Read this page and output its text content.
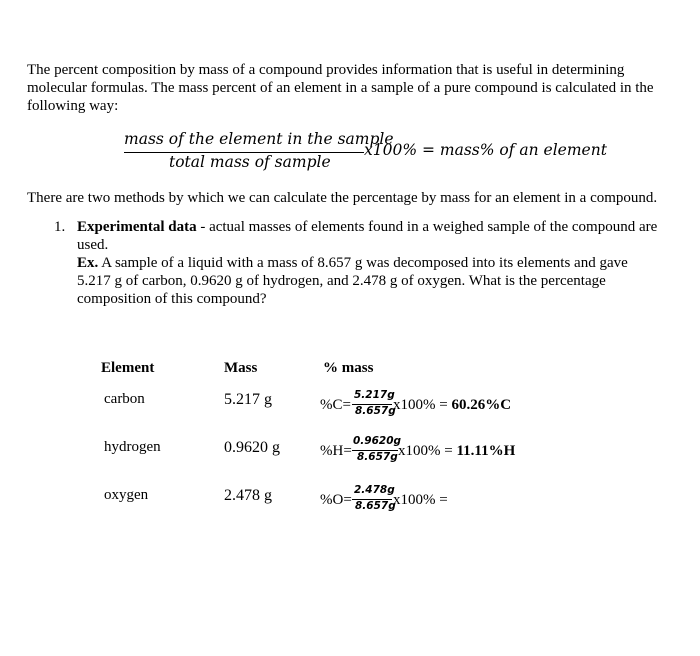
The percent composition by mass of a compound provides information that is useful in determining
molecular formulas. The mass percent of an element in a sample of a pure compound is calculated in the
following way:
mass of the element in the sample
total mass of sample
x100% = mass% of an element
There are two methods by which we can calculate the percentage by mass for an element in a compound.
1. Experimental data - actual masses of elements found in a weighed sample of the compound are
used.
Ex. A sample of a liquid with a mass of 8.657 g was decomposed into its elements and gave
5.217 g of carbon, 0.9620 g of hydrogen, and 2.478 g of oxygen. What is the percentage
composition of this compound?
Element	Mass	% mass
carbon	5.217 g	%C=
5.217g
8.657g
x100% = 60.26%C
hydrogen	0.9620 g	%H=
0.9620g
8.657g x100% = 11.11%H
oxygen	2.478 g	%O=
2.478g
8.657g
x100% =
